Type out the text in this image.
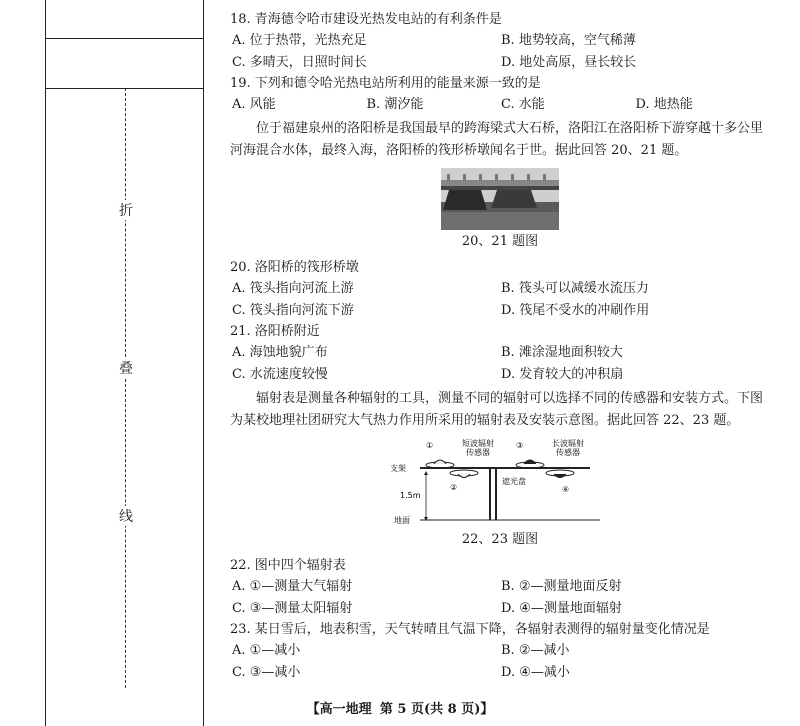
折
叠
线

18. 青海德令哈市建设光热发电站的有利条件是

A. 位于热带，光热充足	B. 地势较高，空气稀薄
C. 多晴天，日照时间长	D. 地处高原，昼长较长

19. 下列和德令哈光热电站所利用的能量来源一致的是

A. 风能	B. 潮汐能	C. 水能	D. 地热能

位于福建泉州的洛阳桥是我国最早的跨海梁式大石桥，洛阳江在洛阳桥下游穿越十多公里河海混合水体，最终入海，洛阳桥的筏形桥墩闻名于世。据此回答 20、21 题。

20、21 题图

20. 洛阳桥的筏形桥墩

A. 筏头指向河流上游	B. 筏头可以减缓水流压力
C. 筏头指向河流下游	D. 筏尾不受水的冲刷作用

21. 洛阳桥附近

A. 海蚀地貌广布	B. 滩涂湿地面积较大
C. 水流速度较慢	D. 发育较大的冲积扇

辐射表是测量各种辐射的工具，测量不同的辐射可以选择不同的传感器和安装方式。下图为某校地理社团研究大气热力作用所采用的辐射表及安装示意图。据此回答 22、23 题。

①	短波辐射
传感器
③	长波辐射
传感器
支架
②
遮光盘
④
1.5m
地面
22、23 题图

22. 图中四个辐射表

A. ①—测量大气辐射	B. ②—测量地面反射
C. ③—测量太阳辐射	D. ④—测量地面辐射

23. 某日雪后，地表积雪，天气转晴且气温下降，各辐射表测得的辐射量变化情况是

A. ①—减小	B. ②—减小
C. ③—减小	D. ④—减小
【高一地理 第 5 页(共 8 页)】
